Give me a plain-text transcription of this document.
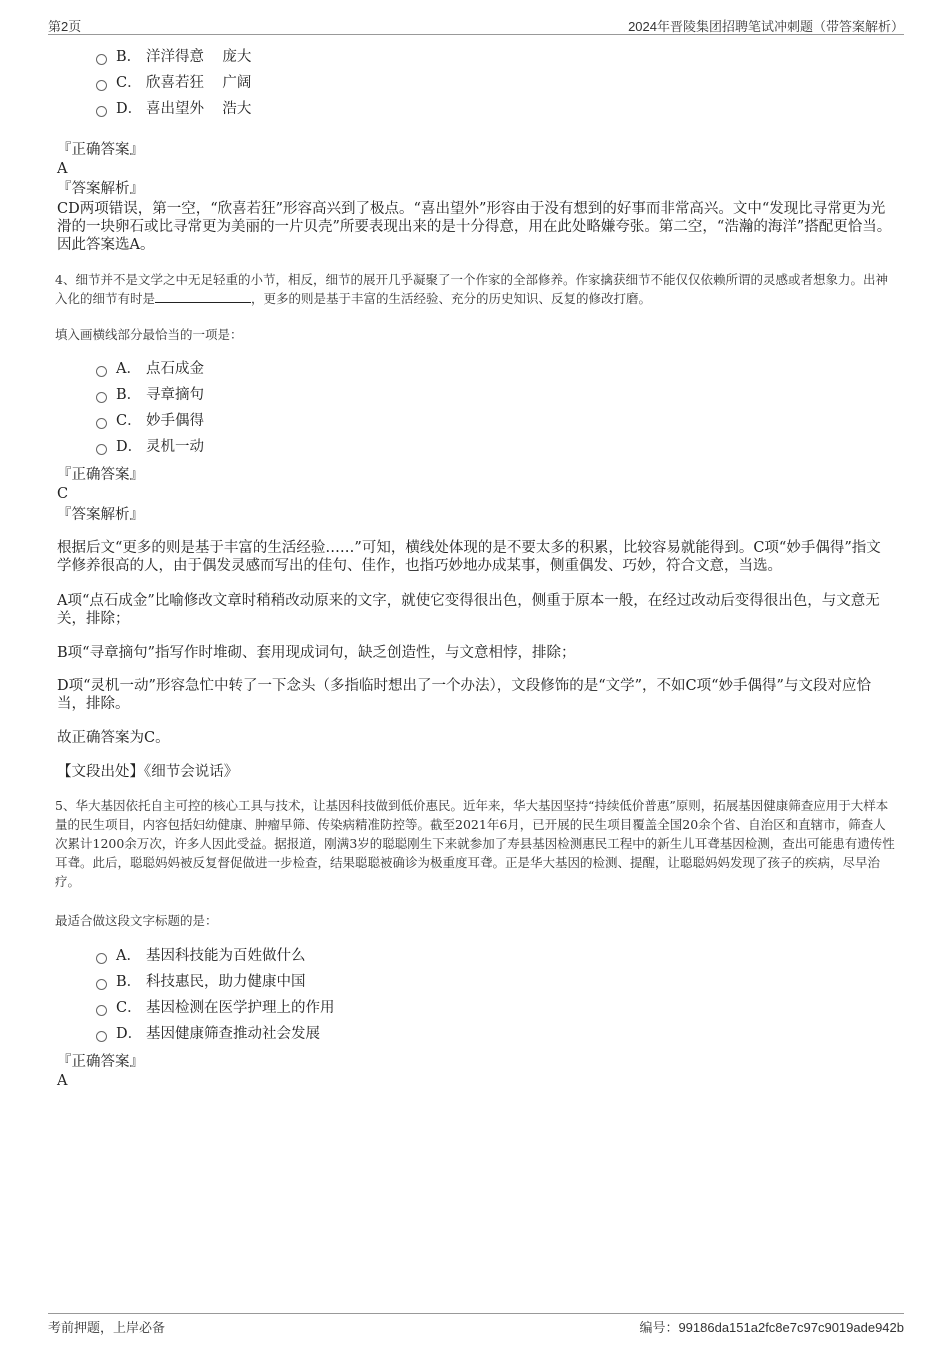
第2页	2024年晋陵集团招聘笔试冲刺题（带答案解析）
B． 洋洋得意    庞大
C． 欣喜若狂    广阔
D． 喜出望外    浩大
『正确答案』
A
『答案解析』
CD两项错误，第一空，“欣喜若狂”形容高兴到了极点。“喜出望外”形容由于没有想到的好事而非常高兴。文中“发现比寻常更为光滑的一块卵石或比寻常更为美丽的一片贝壳”所要表现出来的是十分得意，用在此处略嫌夸张。第二空，“浩瀚的海洋”搭配更恰当。因此答案选A。
4、细节并不是文学之中无足轻重的小节，相反，细节的展开几乎凝聚了一个作家的全部修养。作家擒获细节不能仅仅依赖所谓的灵感或者想象力。出神入化的细节有时是	，更多的则是基于丰富的生活经验、充分的历史知识、反复的修改打磨。
填入画横线部分最恰当的一项是：
A． 点石成金
B． 寻章摘句
C． 妙手偶得
D． 灵机一动
『正确答案』
C
『答案解析』
根据后文“更多的则是基于丰富的生活经验……”可知，横线处体现的是不要太多的积累，比较容易就能得到。C项“妙手偶得”指文学修养很高的人，由于偶发灵感而写出的佳句、佳作，也指巧妙地办成某事，侧重偶发、巧妙，符合文意，当选。
A项“点石成金”比喻修改文章时稍稍改动原来的文字，就使它变得很出色，侧重于原本一般，在经过改动后变得很出色，与文意无关，排除；
B项“寻章摘句”指写作时堆砌、套用现成词句，缺乏创造性，与文意相悖，排除；
D项“灵机一动”形容急忙中转了一下念头（多指临时想出了一个办法），文段修饰的是“文学”，不如C项“妙手偶得”与文段对应恰当，排除。
故正确答案为C。
【文段出处】《细节会说话》
5、华大基因依托自主可控的核心工具与技术，让基因科技做到低价惠民。近年来，华大基因坚持“持续低价普惠”原则，拓展基因健康筛查应用于大样本量的民生项目，内容包括妇幼健康、肿瘤早筛、传染病精准防控等。截至2021年6月，已开展的民生项目覆盖全国20余个省、自治区和直辖市，筛查人次累计1200余万次，许多人因此受益。据报道，刚满3岁的聪聪刚生下来就参加了寿县基因检测惠民工程中的新生儿耳聋基因检测，查出可能患有遗传性耳聋。此后，聪聪妈妈被反复督促做进一步检查，结果聪聪被确诊为极重度耳聋。正是华大基因的检测、提醒，让聪聪妈妈发现了孩子的疾病，尽早治疗。
最适合做这段文字标题的是：
A． 基因科技能为百姓做什么
B． 科技惠民，助力健康中国
C． 基因检测在医学护理上的作用
D． 基因健康筛查推动社会发展
『正确答案』
A
考前押题，上岸必备	编号：99186da151a2fc8e7c97c9019ade942b
